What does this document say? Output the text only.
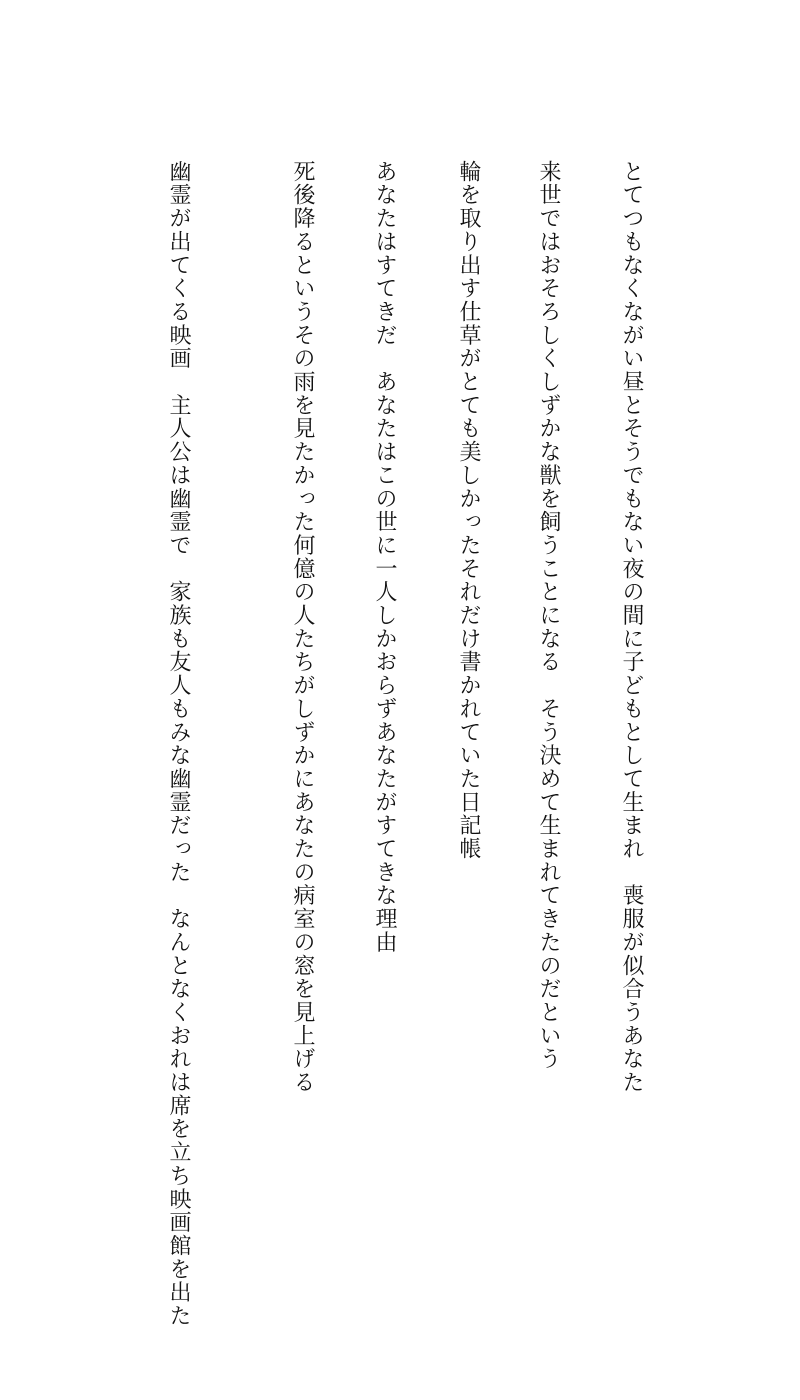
とてつもなくながい昼とそうでもない夜の間に子どもとして生まれ　喪服が似合うあなた
来世ではおそろしくしずかな獣を飼うことになる　そう決めて生まれてきたのだという
輪を取り出す仕草がとても美しかったそれだけ書かれていた日記帳
あなたはすてきだ　あなたはこの世に一人しかおらずあなたがすてきな理由
死後降るというその雨を見たかった何億の人たちがしずかにあなたの病室の窓を見上げる
幽霊が出てくる映画　主人公は幽霊で　家族も友人もみな幽霊だった　なんとなくおれは席を立ち映画館を出た
